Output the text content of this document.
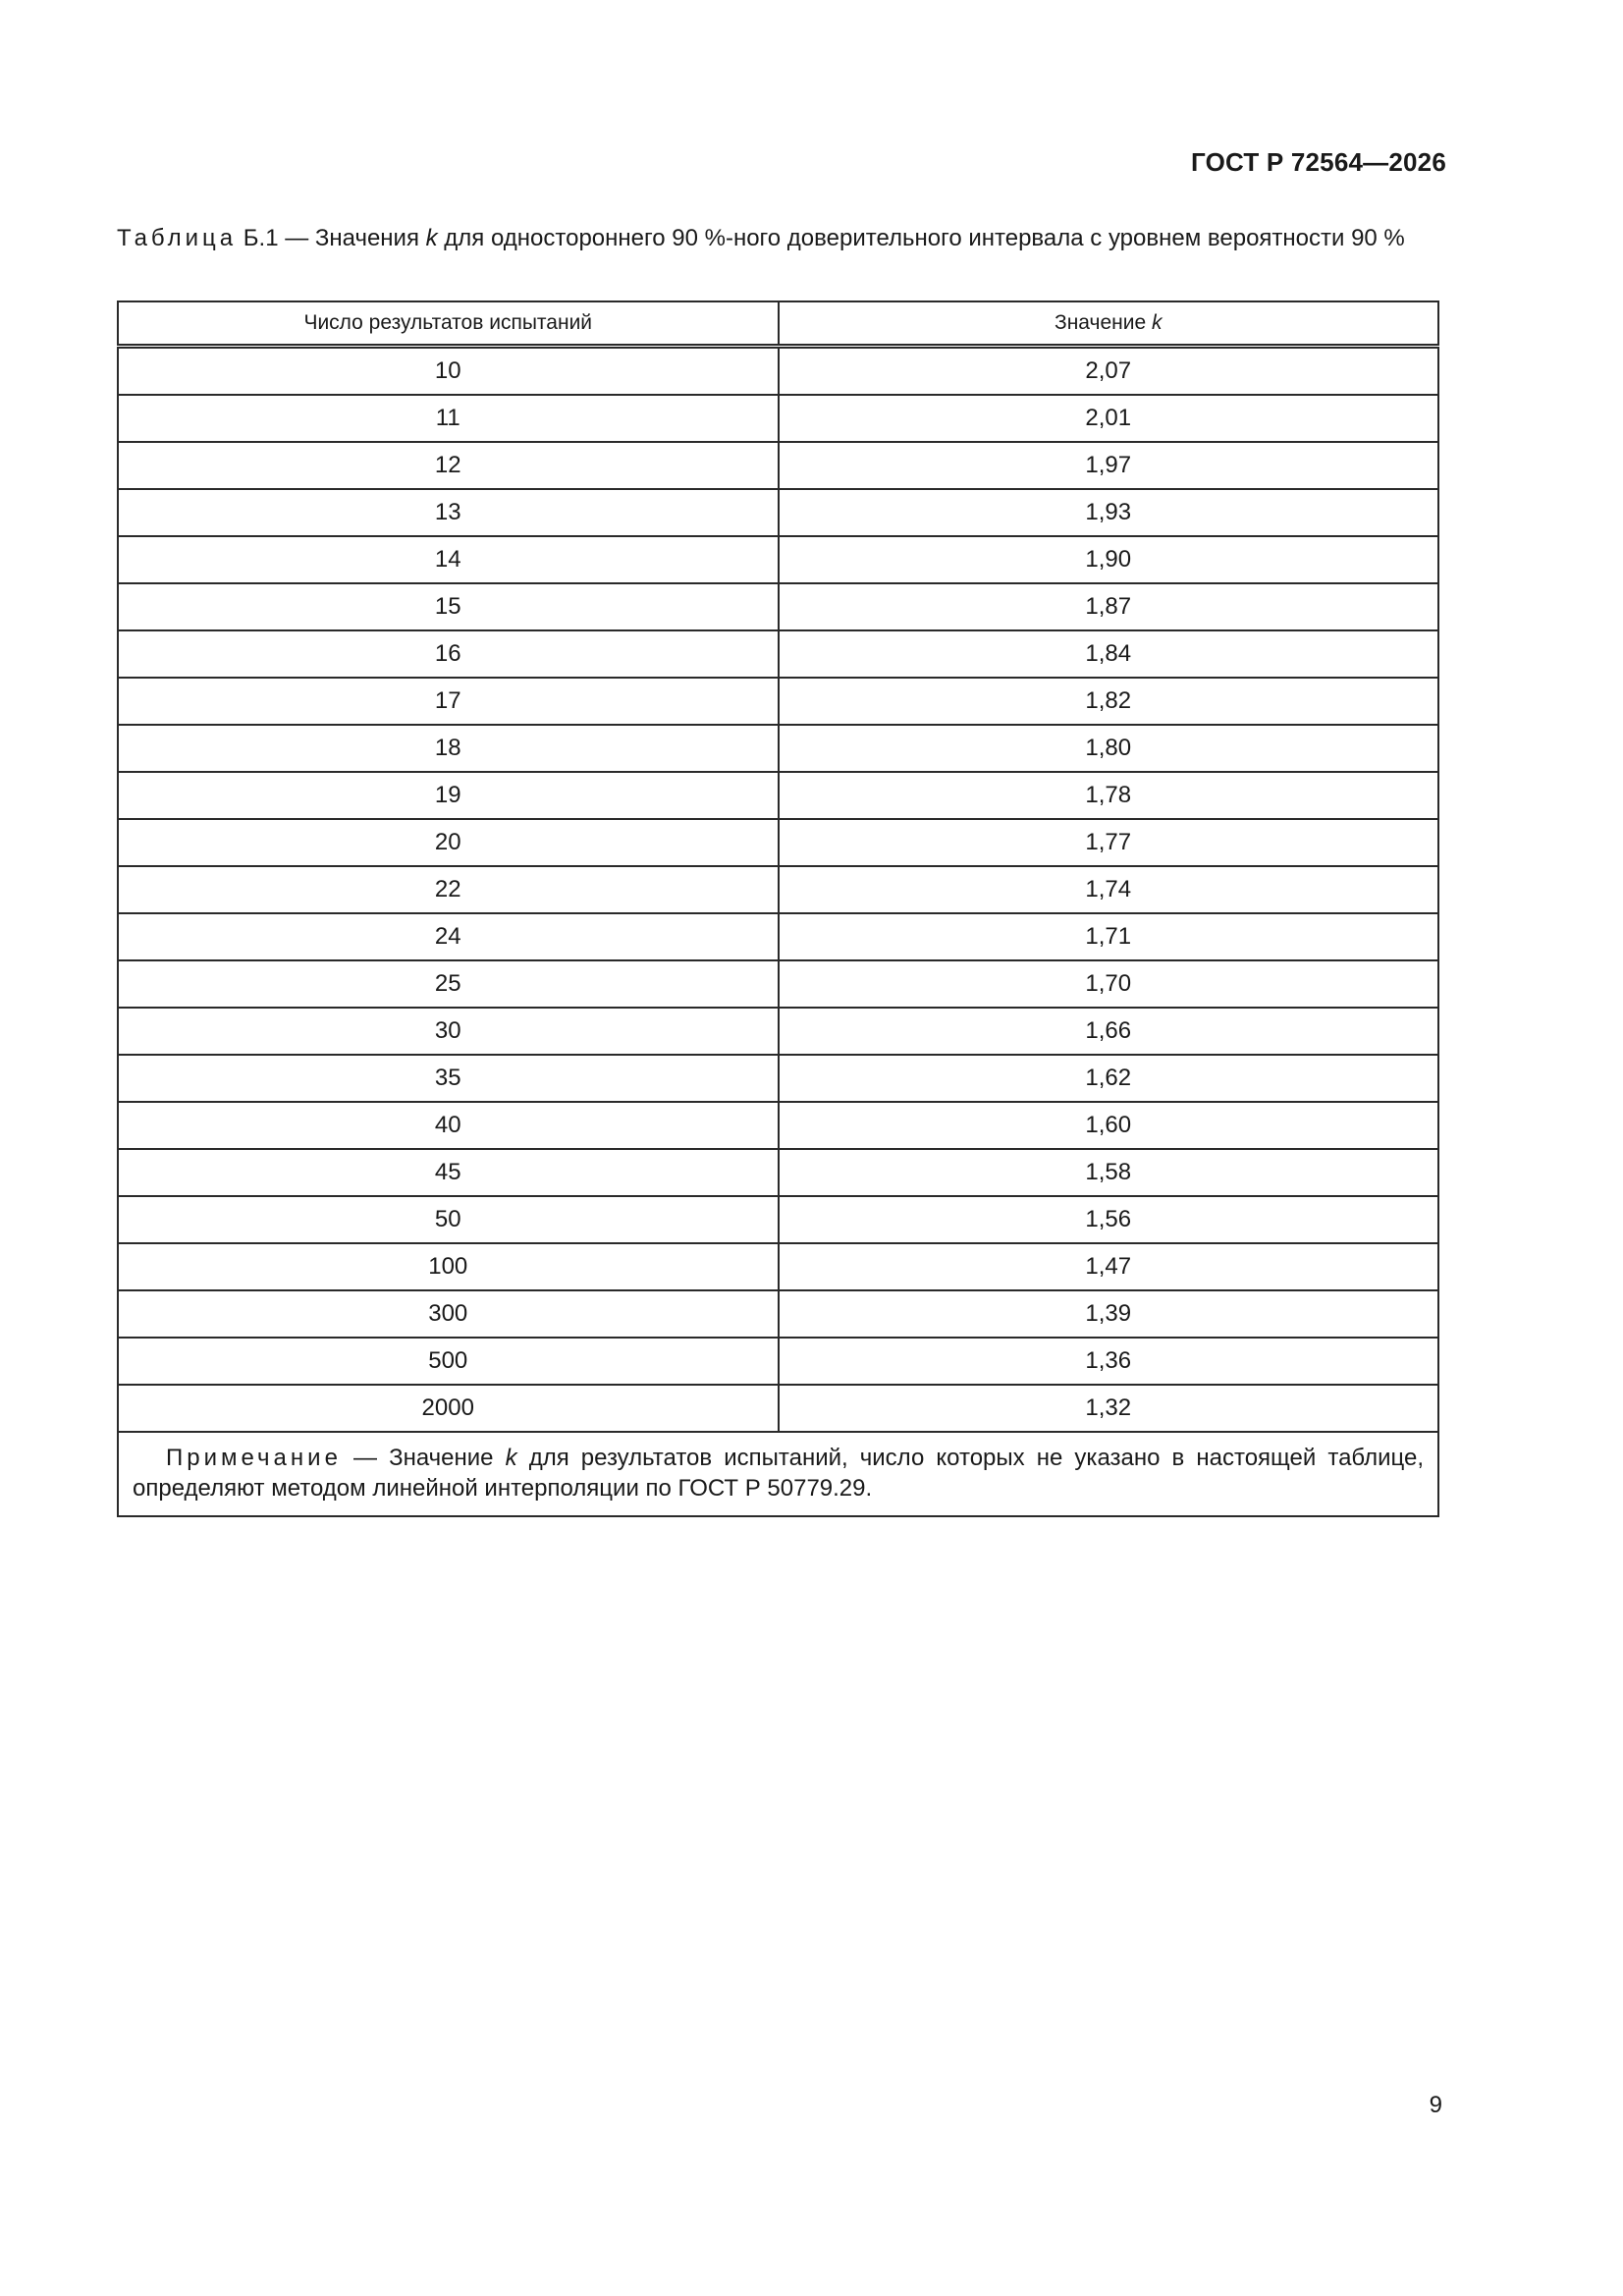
ГОСТ Р 72564—2026
Таблица Б.1 — Значения k для одностороннего 90 %-ного доверительного интервала с уровнем вероятности 90 %
Число результатов испытаний	Значение k
10	2,07
11	2,01
12	1,97
13	1,93
14	1,90
15	1,87
16	1,84
17	1,82
18	1,80
19	1,78
20	1,77
22	1,74
24	1,71
25	1,70
30	1,66
35	1,62
40	1,60
45	1,58
50	1,56
100	1,47
300	1,39
500	1,36
2000	1,32
Примечание — Значение k для результатов испытаний, число которых не указано в настоящей таблице, определяют методом линейной интерполяции по ГОСТ Р 50779.29.	
9
